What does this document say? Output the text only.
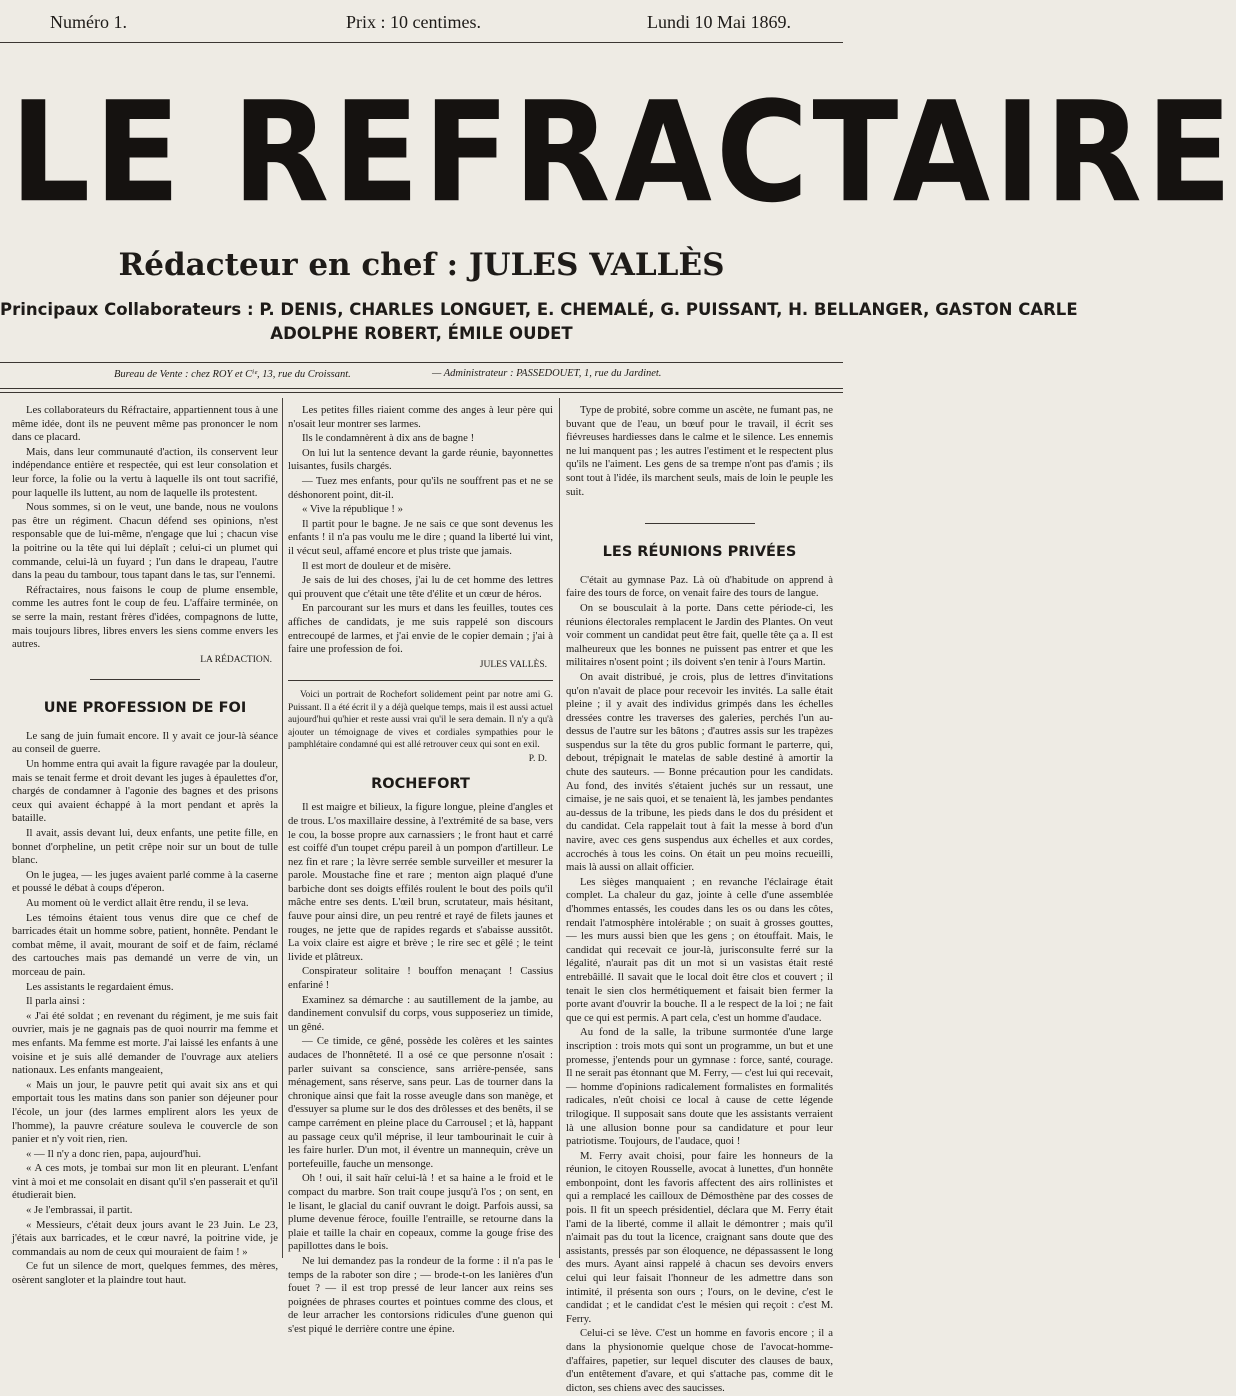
Numéro 1.	Prix : 10 centimes.	Lundi 10 Mai 1869.
LE REFRACTAIRE
Rédacteur en chef : JULES VALLÈS
Principaux Collaborateurs : P. DENIS, CHARLES LONGUET, E. CHEMALÉ, G. PUISSANT, H. BELLANGER, GASTON CARLE
ADOLPHE ROBERT, ÉMILE OUDET
Bureau de Vente : chez ROY et Cⁱᵉ, 13, rue du Croissant.	— Administrateur : PASSEDOUET, 1, rue du Jardinet.

Les collaborateurs du Réfractaire, appartiennent tous à une même idée, dont ils ne peuvent même pas prononcer le nom dans ce placard.

Mais, dans leur communauté d'action, ils conservent leur indépendance entière et respectée, qui est leur consolation et leur force, la folie ou la vertu à laquelle ils ont tout sacrifié, pour laquelle ils luttent, au nom de laquelle ils protestent.

Nous sommes, si on le veut, une bande, nous ne voulons pas être un régiment. Chacun défend ses opinions, n'est responsable que de lui-même, n'engage que lui ; chacun vise la poitrine ou la tête qui lui déplaît ; celui-ci un plumet qui commande, celui-là un fuyard ; l'un dans le drapeau, l'autre dans la peau du tambour, tous tapant dans le tas, sur l'ennemi.

Réfractaires, nous faisons le coup de plume ensemble, comme les autres font le coup de feu. L'affaire terminée, on se serre la main, restant frères d'idées, compagnons de lutte, mais toujours libres, libres envers les siens comme envers les autres.

LA RÉDACTION.
UNE PROFESSION DE FOI

Le sang de juin fumait encore. Il y avait ce jour-là séance au conseil de guerre.

Un homme entra qui avait la figure ravagée par la douleur, mais se tenait ferme et droit devant les juges à épaulettes d'or, chargés de condamner à l'agonie des bagnes et des prisons ceux qui avaient échappé à la mort pendant et après la bataille.

Il avait, assis devant lui, deux enfants, une petite fille, en bonnet d'orpheline, un petit crêpe noir sur un bout de tulle blanc.

On le jugea, — les juges avaient parlé comme à la caserne et poussé le débat à coups d'éperon.

Au moment où le verdict allait être rendu, il se leva.

Les témoins étaient tous venus dire que ce chef de barricades était un homme sobre, patient, honnête. Pendant le combat même, il avait, mourant de soif et de faim, réclamé des cartouches mais pas demandé un verre de vin, un morceau de pain.

Les assistants le regardaient émus.

Il parla ainsi :

« J'ai été soldat ; en revenant du régiment, je me suis fait ouvrier, mais je ne gagnais pas de quoi nourrir ma femme et mes enfants. Ma femme est morte. J'ai laissé les enfants à une voisine et je suis allé demander de l'ouvrage aux ateliers nationaux. Les enfants mangeaient,

« Mais un jour, le pauvre petit qui avait six ans et qui emportait tous les matins dans son panier son déjeuner pour l'école, un jour (des larmes emplirent alors les yeux de l'homme), la pauvre créature souleva le couvercle de son panier et n'y voit rien, rien.

« — Il n'y a donc rien, papa, aujourd'hui.

« A ces mots, je tombai sur mon lit en pleurant. L'enfant vint à moi et me consolait en disant qu'il s'en passerait et qu'il étudierait bien.

« Je l'embrassai, il partit.

« Messieurs, c'était deux jours avant le 23 Juin. Le 23, j'étais aux barricades, et le cœur navré, la poitrine vide, je commandais au nom de ceux qui mouraient de faim ! »

Ce fut un silence de mort, quelques femmes, des mères, osèrent sangloter et la plaindre tout haut.

Les petites filles riaient comme des anges à leur père qui n'osait leur montrer ses larmes.

Ils le condamnèrent à dix ans de bagne !

On lui lut la sentence devant la garde réunie, bayonnettes luisantes, fusils chargés.

— Tuez mes enfants, pour qu'ils ne souffrent pas et ne se déshonorent point, dit-il.

« Vive la république ! »

Il partit pour le bagne. Je ne sais ce que sont devenus les enfants ! il n'a pas voulu me le dire ; quand la liberté lui vint, il vécut seul, affamé encore et plus triste que jamais.

Il est mort de douleur et de misère.

Je sais de lui des choses, j'ai lu de cet homme des lettres qui prouvent que c'était une tête d'élite et un cœur de héros.

En parcourant sur les murs et dans les feuilles, toutes ces affiches de candidats, je me suis rappelé son discours entrecoupé de larmes, et j'ai envie de le copier demain ; j'ai à faire une profession de foi.

JULES VALLÈS.

Voici un portrait de Rochefort solidement peint par notre ami G. Puissant. Il a été écrit il y a déjà quelque temps, mais il est aussi actuel aujourd'hui qu'hier et reste aussi vrai qu'il le sera demain. Il n'y a qu'à ajouter un témoignage de vives et cordiales sympathies pour le pamphlétaire condamné qui est allé retrouver ceux qui sont en exil.

P. D.
ROCHEFORT

Il est maigre et bilieux, la figure longue, pleine d'angles et de trous. L'os maxillaire dessine, à l'extrémité de sa base, vers le cou, la bosse propre aux carnassiers ; le front haut et carré est coiffé d'un toupet crépu pareil à un pompon d'artilleur. Le nez fin et rare ; la lèvre serrée semble surveiller et mesurer la parole. Moustache fine et rare ; menton aign plaqué d'une barbiche dont ses doigts effilés roulent le bout des poils qu'il mâche entre ses dents. L'œil brun, scrutateur, mais hésitant, fauve pour ainsi dire, un peu rentré et rayé de filets jaunes et rouges, ne jette que de rapides regards et s'abaisse aussitôt. La voix claire est aigre et brève ; le rire sec et gêlé ; le teint livide et plâtreux.

Conspirateur solitaire ! bouffon menaçant ! Cassius enfariné !

Examinez sa démarche : au sautillement de la jambe, au dandinement convulsif du corps, vous supposeriez un timide, un gêné.

— Ce timide, ce gêné, possède les colères et les saintes audaces de l'honnêteté. Il a osé ce que personne n'osait : parler suivant sa conscience, sans arrière-pensée, sans ménagement, sans réserve, sans peur. Las de tourner dans la chronique ainsi que fait la rosse aveugle dans son manège, et d'essuyer sa plume sur le dos des drôlesses et des benêts, il se campe carrément en pleine place du Carrousel ; et là, happant au passage ceux qu'il méprise, il leur tambourinait le cuir à les faire hurler. D'un mot, il éventre un mannequin, crève un portefeuille, fauche un mensonge.

Oh ! oui, il sait haïr celui-là ! et sa haine a le froid et le compact du marbre. Son trait coupe jusqu'à l'os ; on sent, en le lisant, le glacial du canif ouvrant le doigt. Parfois aussi, sa plume devenue féroce, fouille l'entraille, se retourne dans la plaie et taille la chair en copeaux, comme la gouge frise des papillottes dans le bois.

Ne lui demandez pas la rondeur de la forme : il n'a pas le temps de la raboter son dire ; — brode-t-on les lanières d'un fouet ? — il est trop pressé de leur lancer aux reins ses poignées de phrases courtes et pointues comme des clous, et de leur arracher les contorsions ridicules d'une guenon qui s'est piqué le derrière contre une épine.

Type de probité, sobre comme un ascète, ne fumant pas, ne buvant que de l'eau, un bœuf pour le travail, il écrit ses fiévreuses hardiesses dans le calme et le silence. Les ennemis ne lui manquent pas ; les autres l'estiment et le respectent plus qu'ils ne l'aiment. Les gens de sa trempe n'ont pas d'amis ; ils sont tout à l'idée, ils marchent seuls, mais de loin le peuple les suit.

LES RÉUNIONS PRIVÉES

C'était au gymnase Paz. Là où d'habitude on apprend à faire des tours de force, on venait faire des tours de langue.

On se bousculait à la porte. Dans cette période-ci, les réunions électorales remplacent le Jardin des Plantes. On veut voir comment un candidat peut être fait, quelle tête ça a. Il est malheureux que les bonnes ne puissent pas entrer et que les militaires n'osent point ; ils doivent s'en tenir à l'ours Martin.

On avait distribué, je crois, plus de lettres d'invitations qu'on n'avait de place pour recevoir les invités. La salle était pleine ; il y avait des individus grimpés dans les échelles dressées contre les traverses des galeries, perchés l'un au-dessus de l'autre sur les bâtons ; d'autres assis sur les trapèzes suspendus sur la tête du gros public formant le parterre, qui, debout, trépignait le matelas de sable destiné à amortir la chute des sauteurs. — Bonne précaution pour les candidats. Au fond, des invités s'étaient juchés sur un ressaut, une cimaise, je ne sais quoi, et se tenaient là, les jambes pendantes au-dessus de la tribune, les pieds dans le dos du président et du candidat. Cela rappelait tout à fait la messe à bord d'un navire, avec ces gens suspendus aux échelles et aux cordes, accrochés à tous les coins. On était un peu moins recueilli, mais là aussi on allait officier.

Les sièges manquaient ; en revanche l'éclairage était complet. La chaleur du gaz, jointe à celle d'une assemblée d'hommes entassés, les coudes dans les os ou dans les côtes, rendait l'atmosphère intolérable ; on suait à grosses gouttes, — les murs aussi bien que les gens ; on étouffait. Mais, le candidat qui recevait ce jour-là, jurisconsulte ferré sur la légalité, n'aurait pas dit un mot si un vasistas était resté entrebâillé. Il savait que le local doit être clos et couvert ; il tenait le sien clos hermétiquement et faisait bien fermer la porte avant d'ouvrir la bouche. Il a le respect de la loi ; ne fait que ce qui est permis. A part cela, c'est un homme d'audace.

Au fond de la salle, la tribune surmontée d'une large inscription : trois mots qui sont un programme, un but et une promesse, j'entends pour un gymnase : force, santé, courage. Il ne serait pas étonnant que M. Ferry, — c'est lui qui recevait, — homme d'opinions radicalement formalistes en formalités radicales, n'eût choisi ce local à cause de cette légende trilogique. Il supposait sans doute que les assistants verraient là une allusion bonne pour sa candidature et pour leur patriotisme. Toujours, de l'audace, quoi !

M. Ferry avait choisi, pour faire les honneurs de la réunion, le citoyen Rousselle, avocat à lunettes, d'un honnête embonpoint, dont les favoris affectent des airs rollinistes et qui a remplacé les cailloux de Démosthène par des cosses de pois. Il fit un speech présidentiel, déclara que M. Ferry était l'ami de la liberté, comme il allait le démontrer ; mais qu'il n'aimait pas du tout la licence, craignant sans doute que des assistants, pressés par son éloquence, ne dépassassent le long des murs. Ayant ainsi rappelé à chacun ses devoirs envers celui qui leur faisait l'honneur de les admettre dans son intimité, il présenta son ours ; l'ours, on le devine, c'est le candidat ; et le candidat c'est le mésien qui reçoit : c'est M. Ferry.

Celui-ci se lève. C'est un homme en favoris encore ; il a dans la physionomie quelque chose de l'avocat-homme-d'affaires, papetier, sur lequel discuter des clauses de baux, d'un entêtement d'avare, et qui s'attache pas, comme dit le dicton, ses chiens avec des saucisses.
